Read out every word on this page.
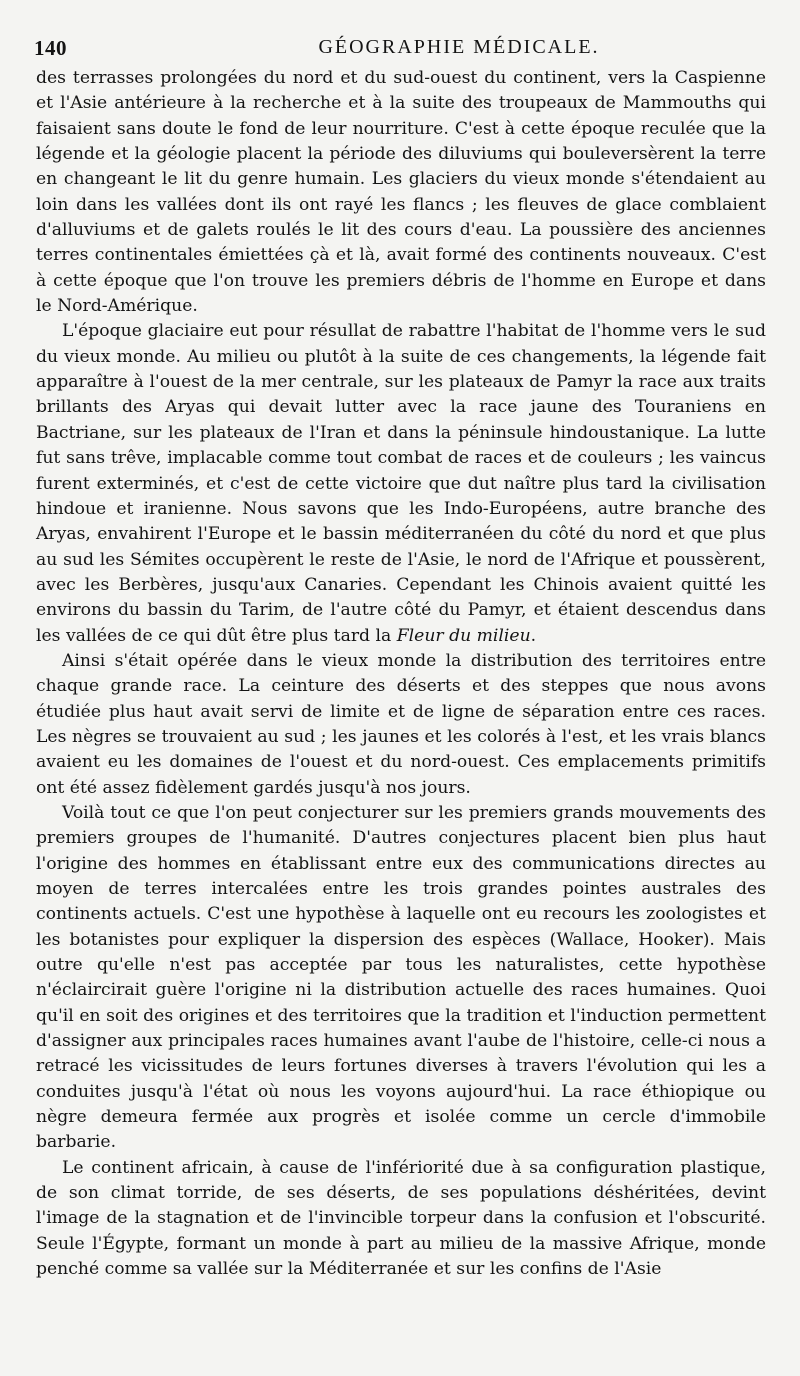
140	GÉOGRAPHIE MÉDICALE.

des terrasses prolongées du nord et du sud-ouest du continent, vers la Caspienne et l'Asie antérieure à la recherche et à la suite des troupeaux de Mammouths qui faisaient sans doute le fond de leur nourriture. C'est à cette époque reculée que la légende et la géologie placent la période des diluviums qui bouleversèrent la terre en changeant le lit du genre humain. Les glaciers du vieux monde s'étendaient au loin dans les vallées dont ils ont rayé les flancs ; les fleuves de glace comblaient d'alluviums et de galets roulés le lit des cours d'eau. La poussière des anciennes terres continentales émiettées çà et là, avait formé des continents nouveaux. C'est à cette époque que l'on trouve les premiers débris de l'homme en Europe et dans le Nord-Amérique.

L'époque glaciaire eut pour résullat de rabattre l'habitat de l'homme vers le sud du vieux monde. Au milieu ou plutôt à la suite de ces changements, la légende fait apparaître à l'ouest de la mer centrale, sur les plateaux de Pamyr la race aux traits brillants des Aryas qui devait lutter avec la race jaune des Touraniens en Bactriane, sur les plateaux de l'Iran et dans la péninsule hindoustanique. La lutte fut sans trêve, implacable comme tout combat de races et de couleurs ; les vaincus furent exterminés, et c'est de cette victoire que dut naître plus tard la civilisation hindoue et iranienne. Nous savons que les Indo-Européens, autre branche des Aryas, envahirent l'Europe et le bassin méditerranéen du côté du nord et que plus au sud les Sémites occupèrent le reste de l'Asie, le nord de l'Afrique et poussèrent, avec les Berbères, jusqu'aux Canaries. Cependant les Chinois avaient quitté les environs du bassin du Tarim, de l'autre côté du Pamyr, et étaient descendus dans les vallées de ce qui dût être plus tard la Fleur du milieu.

Ainsi s'était opérée dans le vieux monde la distribution des territoires entre chaque grande race. La ceinture des déserts et des steppes que nous avons étudiée plus haut avait servi de limite et de ligne de séparation entre ces races. Les nègres se trouvaient au sud ; les jaunes et les colorés à l'est, et les vrais blancs avaient eu les domaines de l'ouest et du nord-ouest. Ces emplacements primitifs ont été assez fidèlement gardés jusqu'à nos jours.

Voilà tout ce que l'on peut conjecturer sur les premiers grands mouvements des premiers groupes de l'humanité. D'autres conjectures placent bien plus haut l'origine des hommes en établissant entre eux des communications directes au moyen de terres intercalées entre les trois grandes pointes australes des continents actuels. C'est une hypothèse à laquelle ont eu recours les zoologistes et les botanistes pour expliquer la dispersion des espèces (Wallace, Hooker). Mais outre qu'elle n'est pas acceptée par tous les naturalistes, cette hypothèse n'éclaircirait guère l'origine ni la distribution actuelle des races humaines. Quoi qu'il en soit des origines et des territoires que la tradition et l'induction permettent d'assigner aux principales races humaines avant l'aube de l'histoire, celle-ci nous a retracé les vicissitudes de leurs fortunes diverses à travers l'évolution qui les a conduites jusqu'à l'état où nous les voyons aujourd'hui. La race éthiopique ou nègre demeura fermée aux progrès et isolée comme un cercle d'immobile barbarie.

Le continent africain, à cause de l'infériorité due à sa configuration plastique, de son climat torride, de ses déserts, de ses populations déshéritées, devint l'image de la stagnation et de l'invincible torpeur dans la confusion et l'obscurité. Seule l'Égypte, formant un monde à part au milieu de la massive Afrique, monde penché comme sa vallée sur la Méditerranée et sur les confins de l'Asie
